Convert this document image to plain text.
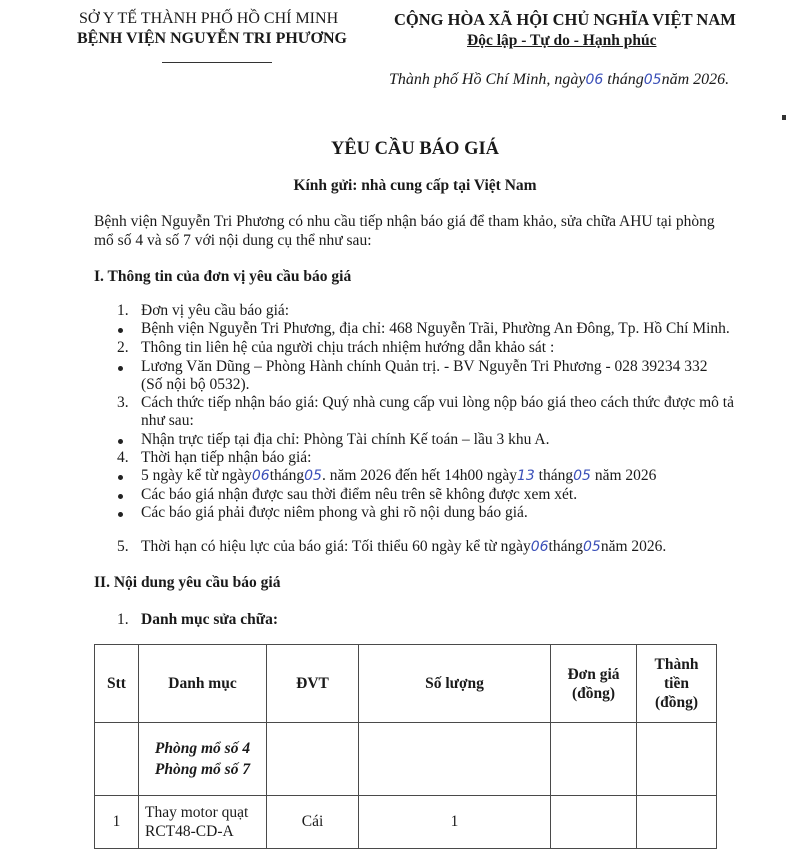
SỞ Y TẾ THÀNH PHỐ HỒ CHÍ MINH
BỆNH VIỆN NGUYỄN TRI PHƯƠNG
CỘNG HÒA XÃ HỘI CHỦ NGHĨA VIỆT NAM
Độc lập - Tự do - Hạnh phúc
Thành phố Hồ Chí Minh, ngày06 tháng05năm 2026.
YÊU CẦU BÁO GIÁ
Kính gửi: nhà cung cấp tại Việt Nam
Bệnh viện Nguyễn Tri Phương có nhu cầu tiếp nhận báo giá để tham khảo, sửa chữa AHU tại phòng
mổ số 4 và số 7 với nội dung cụ thể như sau:
I. Thông tin của đơn vị yêu cầu báo giá
1. Đơn vị yêu cầu báo giá:
Bệnh viện Nguyễn Tri Phương, địa chỉ: 468 Nguyễn Trãi, Phường An Đông, Tp. Hồ Chí Minh.
2. Thông tin liên hệ của người chịu trách nhiệm hướng dẫn khảo sát :
Lương Văn Dũng – Phòng Hành chính Quản trị. - BV Nguyễn Tri Phương - 028 39234 332
(Số nội bộ 0532).
3. Cách thức tiếp nhận báo giá: Quý nhà cung cấp vui lòng nộp báo giá theo cách thức được mô tả
như sau:
Nhận trực tiếp tại địa chỉ: Phòng Tài chính Kế toán – lầu 3 khu A.
4. Thời hạn tiếp nhận báo giá:
5 ngày kể từ ngày06tháng05. năm 2026 đến hết 14h00 ngày13 tháng05 năm 2026
Các báo giá nhận được sau thời điểm nêu trên sẽ không được xem xét.
Các báo giá phải được niêm phong và ghi rõ nội dung báo giá.
5. Thời hạn có hiệu lực của báo giá: Tối thiểu 60 ngày kể từ ngày06tháng05năm 2026.
II. Nội dung yêu cầu báo giá
1. Danh mục sửa chữa:
Stt	Danh mục	ĐVT	Số lượng	Đơn giá (đồng)	Thành tiền (đồng)

	Phòng mổ số 4
Phòng mổ số 7				

1	Thay motor quạt
RCT48-CD-A	Cái	1		
